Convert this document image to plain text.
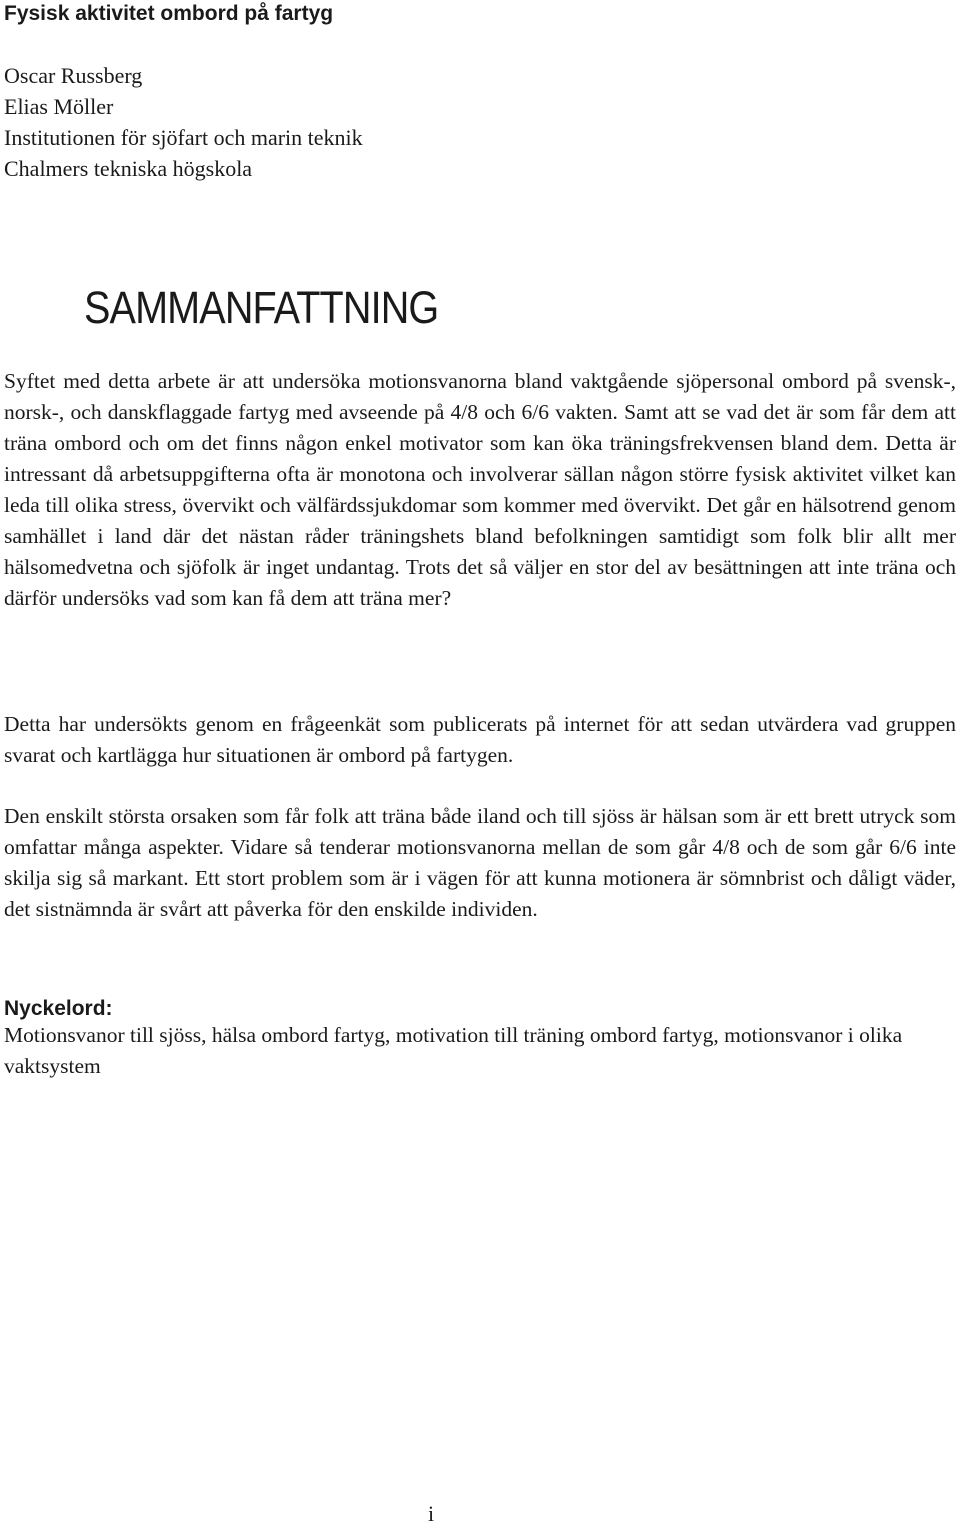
Fysisk aktivitet ombord på fartyg
Oscar Russberg
Elias Möller
Institutionen för sjöfart och marin teknik
Chalmers tekniska högskola
SAMMANFATTNING
Syftet med detta arbete är att undersöka motionsvanorna bland vaktgående sjöpersonal ombord på svensk-, norsk-, och danskflaggade fartyg med avseende på 4/8 och 6/6 vakten. Samt att se vad det är som får dem att träna ombord och om det finns någon enkel motivator som kan öka träningsfrekvensen bland dem. Detta är intressant då arbetsuppgifterna ofta är monotona och involverar sällan någon större fysisk aktivitet vilket kan leda till olika stress, övervikt och välfärdssjukdomar som kommer med övervikt. Det går en hälsotrend genom samhället i land där det nästan råder träningshets bland befolkningen samtidigt som folk blir allt mer hälsomedvetna och sjöfolk är inget undantag. Trots det så väljer en stor del av besättningen att inte träna och därför undersöks vad som kan få dem att träna mer?
Detta har undersökts genom en frågeenkät som publicerats på internet för att sedan utvärdera vad gruppen svarat och kartlägga hur situationen är ombord på fartygen.
Den enskilt största orsaken som får folk att träna både iland och till sjöss är hälsan som är ett brett utryck som omfattar många aspekter. Vidare så tenderar motionsvanorna mellan de som går 4/8 och de som går 6/6 inte skilja sig så markant. Ett stort problem som är i vägen för att kunna motionera är sömnbrist och dåligt väder, det sistnämnda är svårt att påverka för den enskilde individen.
Nyckelord:
Motionsvanor till sjöss, hälsa ombord fartyg, motivation till träning ombord fartyg, motionsvanor i olika vaktsystem
i
